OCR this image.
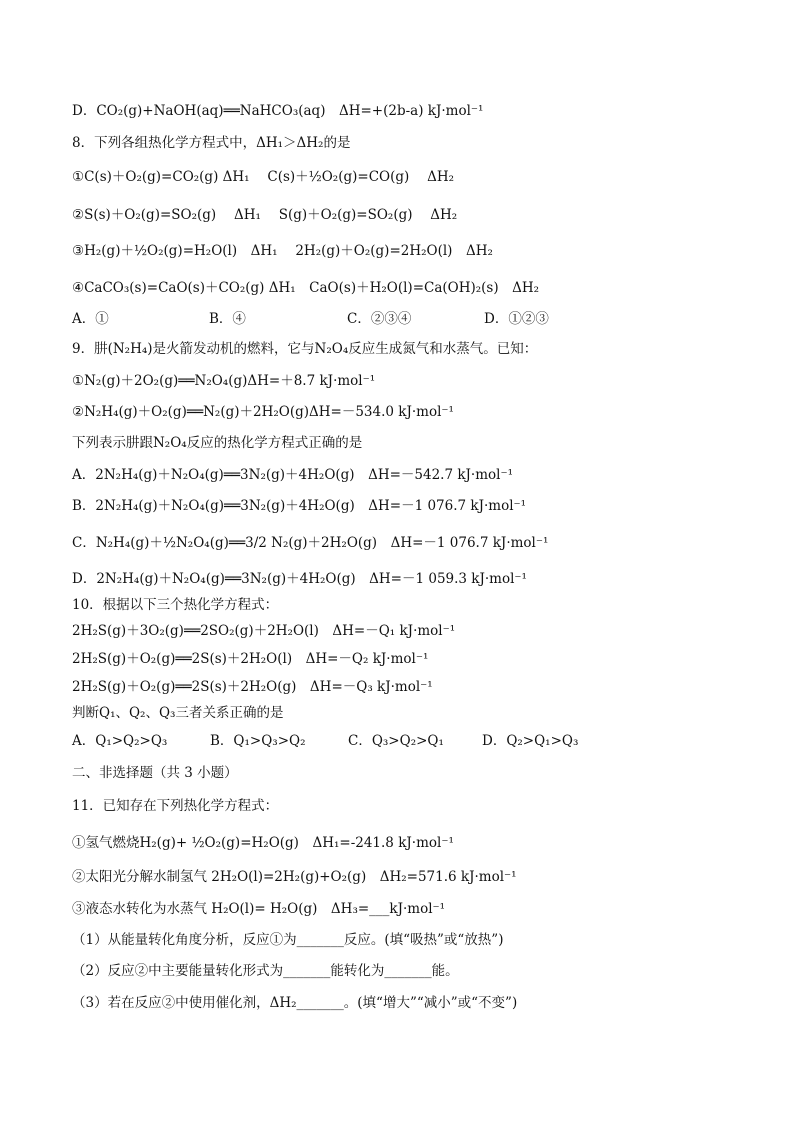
D．CO₂(g)+NaOH(aq)══NaHCO₃(aq)　ΔH=+(2b-a) kJ·mol⁻¹
8．下列各组热化学方程式中，ΔH₁＞ΔH₂的是
①C(s)＋O₂(g)=CO₂(g) ΔH₁　 C(s)＋½O₂(g)=CO(g)　 ΔH₂
②S(s)＋O₂(g)=SO₂(g)　 ΔH₁　 S(g)＋O₂(g)=SO₂(g)　 ΔH₂
③H₂(g)＋½O₂(g)=H₂O(l)　ΔH₁　 2H₂(g)＋O₂(g)=2H₂O(l)　ΔH₂
④CaCO₃(s)=CaO(s)＋CO₂(g) ΔH₁　CaO(s)＋H₂O(l)=Ca(OH)₂(s)　ΔH₂
A．①	B．④	C．②③④	D．①②③
9．肼(N₂H₄)是火箭发动机的燃料，它与N₂O₄反应生成氮气和水蒸气。已知：
①N₂(g)＋2O₂(g)══N₂O₄(g)ΔH=＋8.7 kJ·mol⁻¹
②N₂H₄(g)＋O₂(g)══N₂(g)＋2H₂O(g)ΔH=－534.0 kJ·mol⁻¹
下列表示肼跟N₂O₄反应的热化学方程式正确的是
A．2N₂H₄(g)＋N₂O₄(g)══3N₂(g)＋4H₂O(g)　ΔH=－542.7 kJ·mol⁻¹
B．2N₂H₄(g)＋N₂O₄(g)══3N₂(g)＋4H₂O(g)　ΔH=－1 076.7 kJ·mol⁻¹
C．N₂H₄(g)＋½N₂O₄(g)══3/2 N₂(g)＋2H₂O(g)　ΔH=－1 076.7 kJ·mol⁻¹
D．2N₂H₄(g)＋N₂O₄(g)══3N₂(g)＋4H₂O(g)　ΔH=－1 059.3 kJ·mol⁻¹
10．根据以下三个热化学方程式：
2H₂S(g)＋3O₂(g)══2SO₂(g)＋2H₂O(l)　ΔH=－Q₁ kJ·mol⁻¹
2H₂S(g)＋O₂(g)══2S(s)＋2H₂O(l)　ΔH=－Q₂ kJ·mol⁻¹
2H₂S(g)＋O₂(g)══2S(s)＋2H₂O(g)　ΔH=－Q₃ kJ·mol⁻¹
判断Q₁、Q₂、Q₃三者关系正确的是
A．Q₁>Q₂>Q₃	B．Q₁>Q₃>Q₂	C．Q₃>Q₂>Q₁	D．Q₂>Q₁>Q₃
二、非选择题（共 3 小题）
11．已知存在下列热化学方程式：
①氢气燃烧H₂(g)+ ½O₂(g)=H₂O(g)　ΔH₁=-241.8 kJ·mol⁻¹
②太阳光分解水制氢气 2H₂O(l)=2H₂(g)+O₂(g)　ΔH₂=571.6 kJ·mol⁻¹
③液态水转化为水蒸气 H₂O(l)= H₂O(g)　ΔH₃=___kJ·mol⁻¹
（1）从能量转化角度分析，反应①为_______反应。(填“吸热”或“放热”)
（2）反应②中主要能量转化形式为_______能转化为_______能。
（3）若在反应②中使用催化剂，ΔH₂_______。(填“增大”“减小”或“不变”)
